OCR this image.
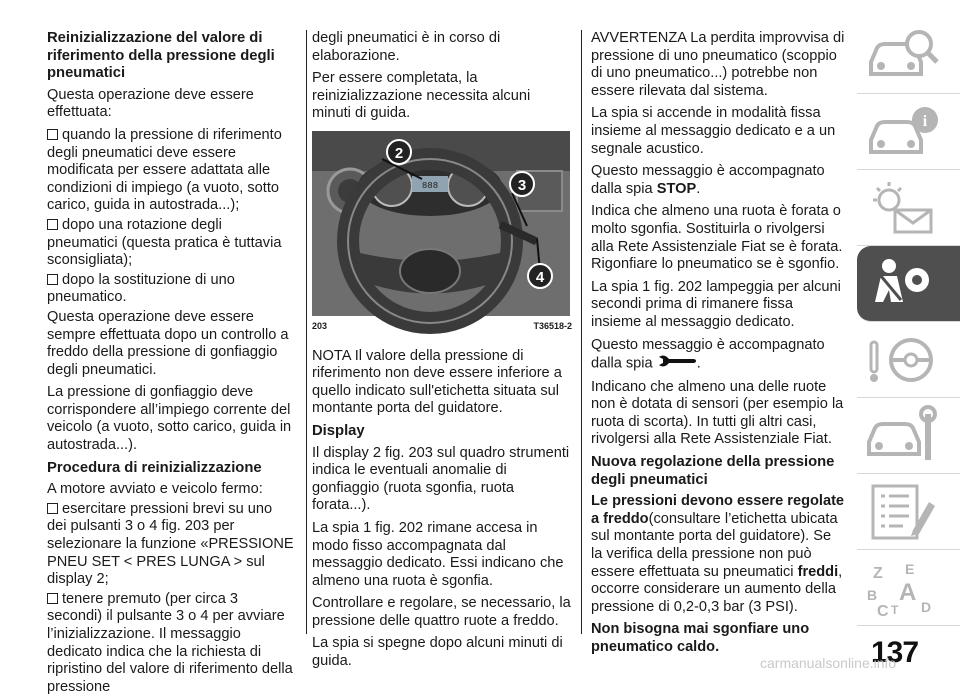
Reinizializzazione del valore di riferimento della pressione degli pneumatici

Questa operazione deve essere effettuata:

quando la pressione di riferimento degli pneumatici deve essere modificata per essere adattata alle condizioni di impiego (a vuoto, sotto carico, guida in autostrada...);

dopo una rotazione degli pneumatici (questa pratica è tuttavia sconsigliata);

dopo la sostituzione di uno pneumatico.

Questa operazione deve essere sempre effettuata dopo un controllo a freddo della pressione di gonfiaggio degli pneumatici.

La pressione di gonfiaggio deve corrispondere all’impiego corrente del veicolo (a vuoto, sotto carico, guida in autostrada...).

Procedura di reinizializzazione

A motore avviato e veicolo fermo:

esercitare pressioni brevi su uno dei pulsanti 3 o 4 fig. 203 per selezionare la funzione «PRESSIONE PNEU SET < PRES LUNGA > sul display 2;

tenere premuto (per circa 3 secondi) il pulsante 3 o 4 per avviare l’inizializzazione. Il messaggio dedicato indica che la richiesta di ripristino del valore di riferimento della pressione

degli pneumatici è in corso di elaborazione.

Per essere completata, la reinizializzazione necessita alcuni minuti di guida.

888
2
3
4
203	T36518-2

NOTA Il valore della pressione di riferimento non deve essere inferiore a quello indicato sull'etichetta situata sul montante porta del guidatore.

Display

Il display 2 fig. 203 sul quadro strumenti indica le eventuali anomalie di gonfiaggio (ruota sgonfia, ruota forata...).

La spia 1 fig. 202 rimane accesa in modo fisso accompagnata dal messaggio dedicato. Essi indicano che almeno una ruota è sgonfia.

Controllare e regolare, se necessario, la pressione delle quattro ruote a freddo.

La spia si spegne dopo alcuni minuti di guida.

AVVERTENZA La perdita improvvisa di pressione di uno pneumatico (scoppio di uno pneumatico...) potrebbe non essere rilevata dal sistema.

La spia si accende in modalità fissa insieme al messaggio dedicato e a un segnale acustico.

Questo messaggio è accompagnato dalla spia STOP.

Indica che almeno una ruota è forata o molto sgonfia. Sostituirla o rivolgersi alla Rete Assistenziale Fiat se è forata. Rigonfiare lo pneumatico se è sgonfio.

La spia 1 fig. 202 lampeggia per alcuni secondi prima di rimanere fissa insieme al messaggio dedicato.

Questo messaggio è accompagnato dalla spia	.

Indicano che almeno una delle ruote non è dotata di sensori (per esempio la ruota di scorta). In tutti gli altri casi, rivolgersi alla Rete Assistenziale Fiat.

Nuova regolazione della pressione degli pneumatici

Le pressioni devono essere regolate a freddo(consultare l’etichetta ubicata sul montante porta del guidatore). Se la verifica della pressione non può essere effettuata su pneumatici freddi, occorre considerare un aumento della pressione di 0,2-0,3 bar (3 PSI).

Non bisogna mai sgonfiare uno pneumatico caldo.

i
Z E
B A
C T D
137
carmanualsonline.info
